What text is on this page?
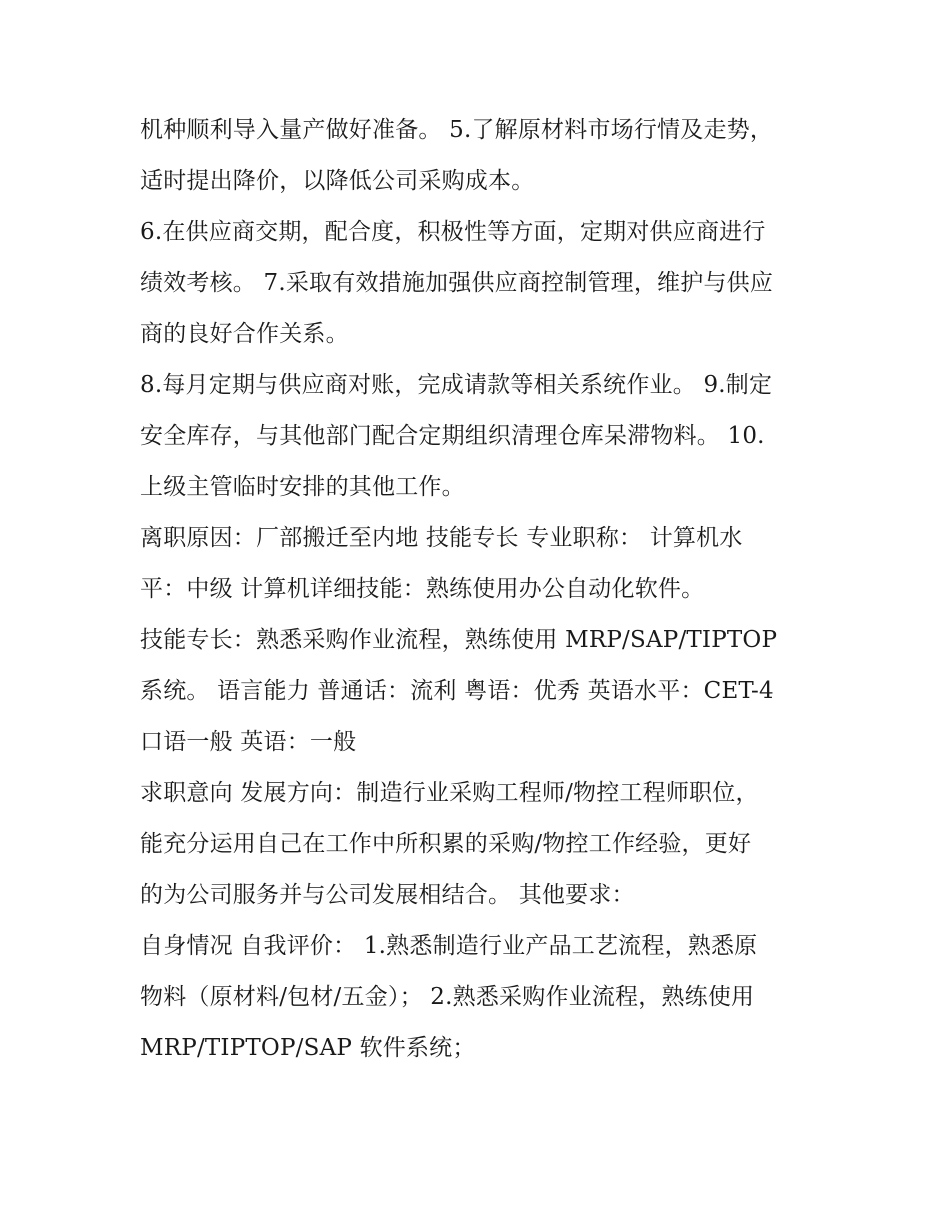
机种顺利导入量产做好准备。 5.了解原材料市场行情及走势，
适时提出降价，以降低公司采购成本。
6.在供应商交期，配合度，积极性等方面，定期对供应商进行
绩效考核。 7.采取有效措施加强供应商控制管理，维护与供应
商的良好合作关系。
8.每月定期与供应商对账，完成请款等相关系统作业。 9.制定
安全库存，与其他部门配合定期组织清理仓库呆滞物料。 10.
上级主管临时安排的其他工作。
离职原因：厂部搬迁至内地 技能专长 专业职称： 计算机水
平：中级 计算机详细技能：熟练使用办公自动化软件。
技能专长：熟悉采购作业流程，熟练使用 MRP/SAP/TIPTOP
系统。 语言能力 普通话：流利 粤语：优秀 英语水平：CET-4
口语一般 英语：一般
求职意向 发展方向：制造行业采购工程师/物控工程师职位，
能充分运用自己在工作中所积累的采购/物控工作经验，更好
的为公司服务并与公司发展相结合。 其他要求：
自身情况 自我评价： 1.熟悉制造行业产品工艺流程，熟悉原
物料（原材料/包材/五金）； 2.熟悉采购作业流程，熟练使用
MRP/TIPTOP/SAP 软件系统；
